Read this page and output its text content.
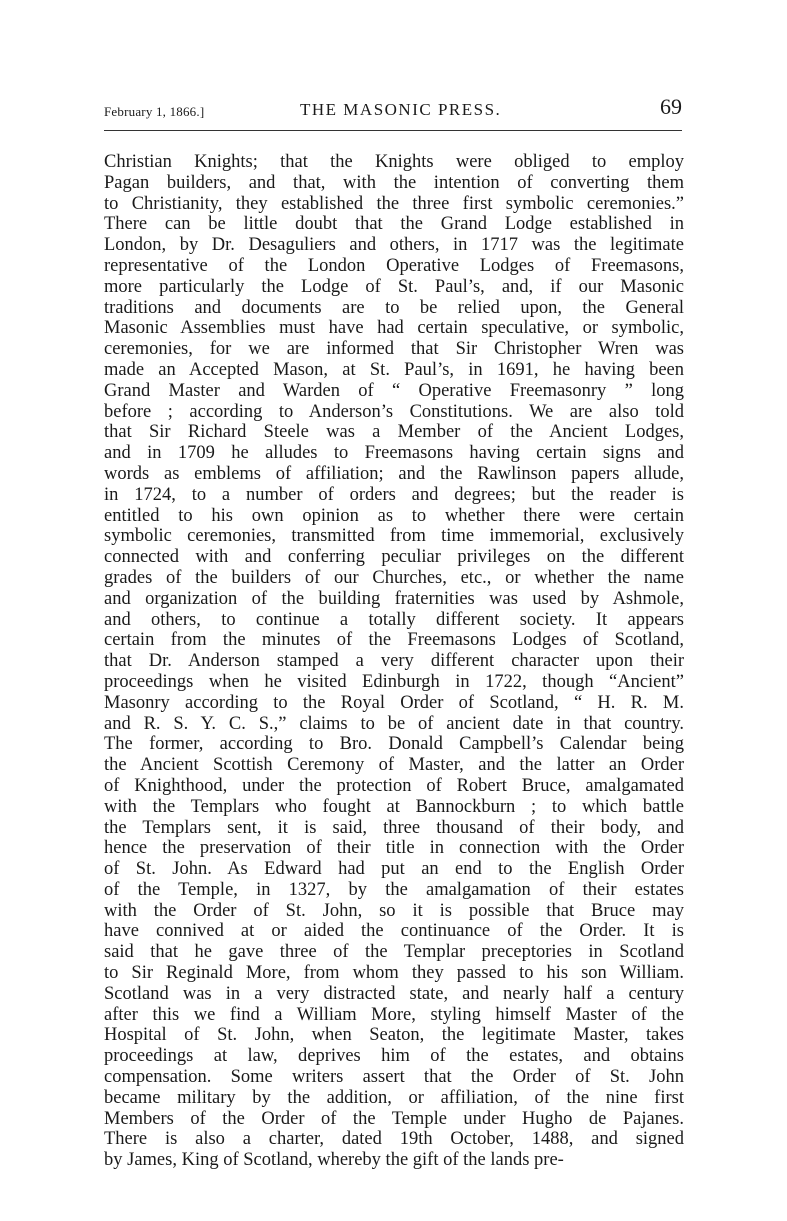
February 1, 1866.]	THE MASONIC PRESS.	69
Christian Knights; that the Knights were obliged to employ
Pagan builders, and that, with the intention of converting them
to Christianity, they established the three first symbolic ceremonies.”
There can be little doubt that the Grand Lodge established in
London, by Dr. Desaguliers and others, in 1717 was the legitimate
representative of the London Operative Lodges of Freemasons,
more particularly the Lodge of St. Paul’s, and, if our Masonic
traditions and documents are to be relied upon, the General
Masonic Assemblies must have had certain speculative, or symbolic,
ceremonies, for we are informed that Sir Christopher Wren was
made an Accepted Mason, at St. Paul’s, in 1691, he having been
Grand Master and Warden of “ Operative Freemasonry ” long
before ; according to Anderson’s Constitutions. We are also told
that Sir Richard Steele was a Member of the Ancient Lodges,
and in 1709 he alludes to Freemasons having certain signs and
words as emblems of affiliation; and the Rawlinson papers allude,
in 1724, to a number of orders and degrees; but the reader is
entitled to his own opinion as to whether there were certain
symbolic ceremonies, transmitted from time immemorial, exclusively
connected with and conferring peculiar privileges on the different
grades of the builders of our Churches, etc., or whether the name
and organization of the building fraternities was used by Ashmole,
and others, to continue a totally different society. It appears
certain from the minutes of the Freemasons Lodges of Scotland,
that Dr. Anderson stamped a very different character upon their
proceedings when he visited Edinburgh in 1722, though “Ancient”
Masonry according to the Royal Order of Scotland, “ H. R. M.
and R. S. Y. C. S.,” claims to be of ancient date in that country.
The former, according to Bro. Donald Campbell’s Calendar being
the Ancient Scottish Ceremony of Master, and the latter an Order
of Knighthood, under the protection of Robert Bruce, amalgamated
with the Templars who fought at Bannockburn ; to which battle
the Templars sent, it is said, three thousand of their body, and
hence the preservation of their title in connection with the Order
of St. John. As Edward had put an end to the English Order
of the Temple, in 1327, by the amalgamation of their estates
with the Order of St. John, so it is possible that Bruce may
have connived at or aided the continuance of the Order. It is
said that he gave three of the Templar preceptories in Scotland
to Sir Reginald More, from whom they passed to his son William.
Scotland was in a very distracted state, and nearly half a century
after this we find a William More, styling himself Master of the
Hospital of St. John, when Seaton, the legitimate Master, takes
proceedings at law, deprives him of the estates, and obtains
compensation. Some writers assert that the Order of St. John
became military by the addition, or affiliation, of the nine first
Members of the Order of the Temple under Hugho de Pajanes.
There is also a charter, dated 19th October, 1488, and signed
by James, King of Scotland, whereby the gift of the lands pre-
